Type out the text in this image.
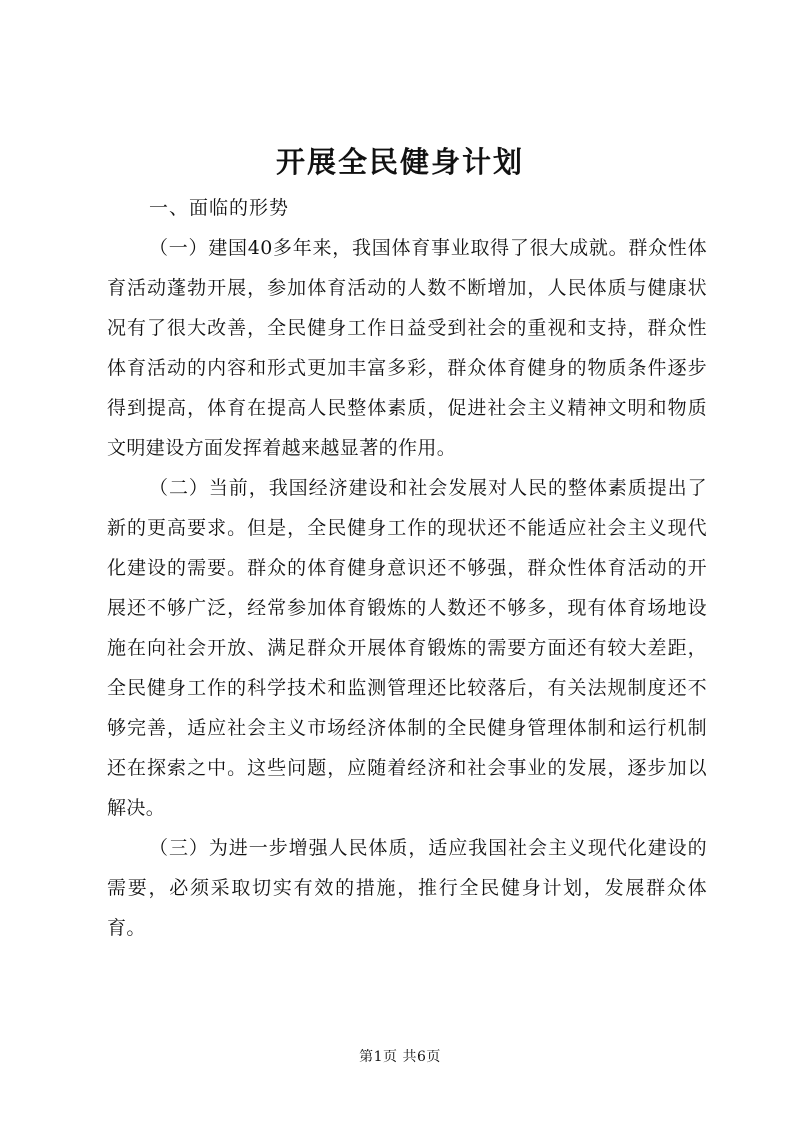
开展全民健身计划

一、面临的形势

（一）建国40多年来，我国体育事业取得了很大成就。群众性体育活动蓬勃开展，参加体育活动的人数不断增加，人民体质与健康状况有了很大改善，全民健身工作日益受到社会的重视和支持，群众性体育活动的内容和形式更加丰富多彩，群众体育健身的物质条件逐步得到提高，体育在提高人民整体素质，促进社会主义精神文明和物质文明建设方面发挥着越来越显著的作用。

（二）当前，我国经济建设和社会发展对人民的整体素质提出了新的更高要求。但是，全民健身工作的现状还不能适应社会主义现代化建设的需要。群众的体育健身意识还不够强，群众性体育活动的开展还不够广泛，经常参加体育锻炼的人数还不够多，现有体育场地设施在向社会开放、满足群众开展体育锻炼的需要方面还有较大差距，全民健身工作的科学技术和监测管理还比较落后，有关法规制度还不够完善，适应社会主义市场经济体制的全民健身管理体制和运行机制还在探索之中。这些问题，应随着经济和社会事业的发展，逐步加以解决。

（三）为进一步增强人民体质，适应我国社会主义现代化建设的需要，必须采取切实有效的措施，推行全民健身计划，发展群众体育。

第1页 共6页
